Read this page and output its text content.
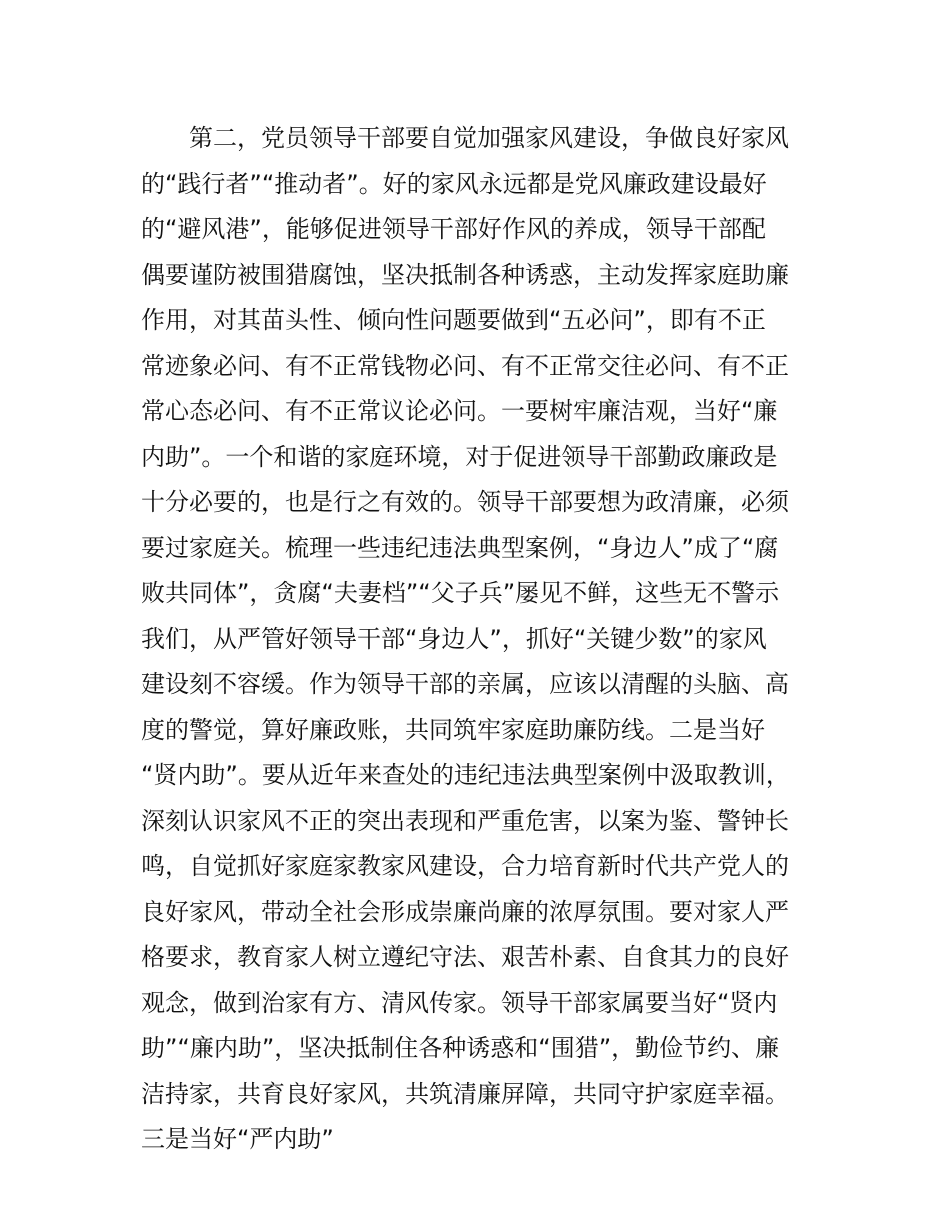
第二，党员领导干部要自觉加强家风建设，争做良好家风
的“践行者”“推动者”。好的家风永远都是党风廉政建设最好
的“避风港”，能够促进领导干部好作风的养成，领导干部配
偶要谨防被围猎腐蚀，坚决抵制各种诱惑，主动发挥家庭助廉
作用，对其苗头性、倾向性问题要做到“五必问”，即有不正
常迹象必问、有不正常钱物必问、有不正常交往必问、有不正
常心态必问、有不正常议论必问。一要树牢廉洁观，当好“廉
内助”。一个和谐的家庭环境，对于促进领导干部勤政廉政是
十分必要的，也是行之有效的。领导干部要想为政清廉，必须
要过家庭关。梳理一些违纪违法典型案例，“身边人”成了“腐
败共同体”，贪腐“夫妻档”“父子兵”屡见不鲜，这些无不警示
我们，从严管好领导干部“身边人”，抓好“关键少数”的家风
建设刻不容缓。作为领导干部的亲属，应该以清醒的头脑、高
度的警觉，算好廉政账，共同筑牢家庭助廉防线。二是当好
“贤内助”。要从近年来查处的违纪违法典型案例中汲取教训，
深刻认识家风不正的突出表现和严重危害，以案为鉴、警钟长
鸣，自觉抓好家庭家教家风建设，合力培育新时代共产党人的
良好家风，带动全社会形成崇廉尚廉的浓厚氛围。要对家人严
格要求，教育家人树立遵纪守法、艰苦朴素、自食其力的良好
观念，做到治家有方、清风传家。领导干部家属要当好“贤内
助”“廉内助”，坚决抵制住各种诱惑和“围猎”，勤俭节约、廉
洁持家，共育良好家风，共筑清廉屏障，共同守护家庭幸福。
三是当好“严内助”
